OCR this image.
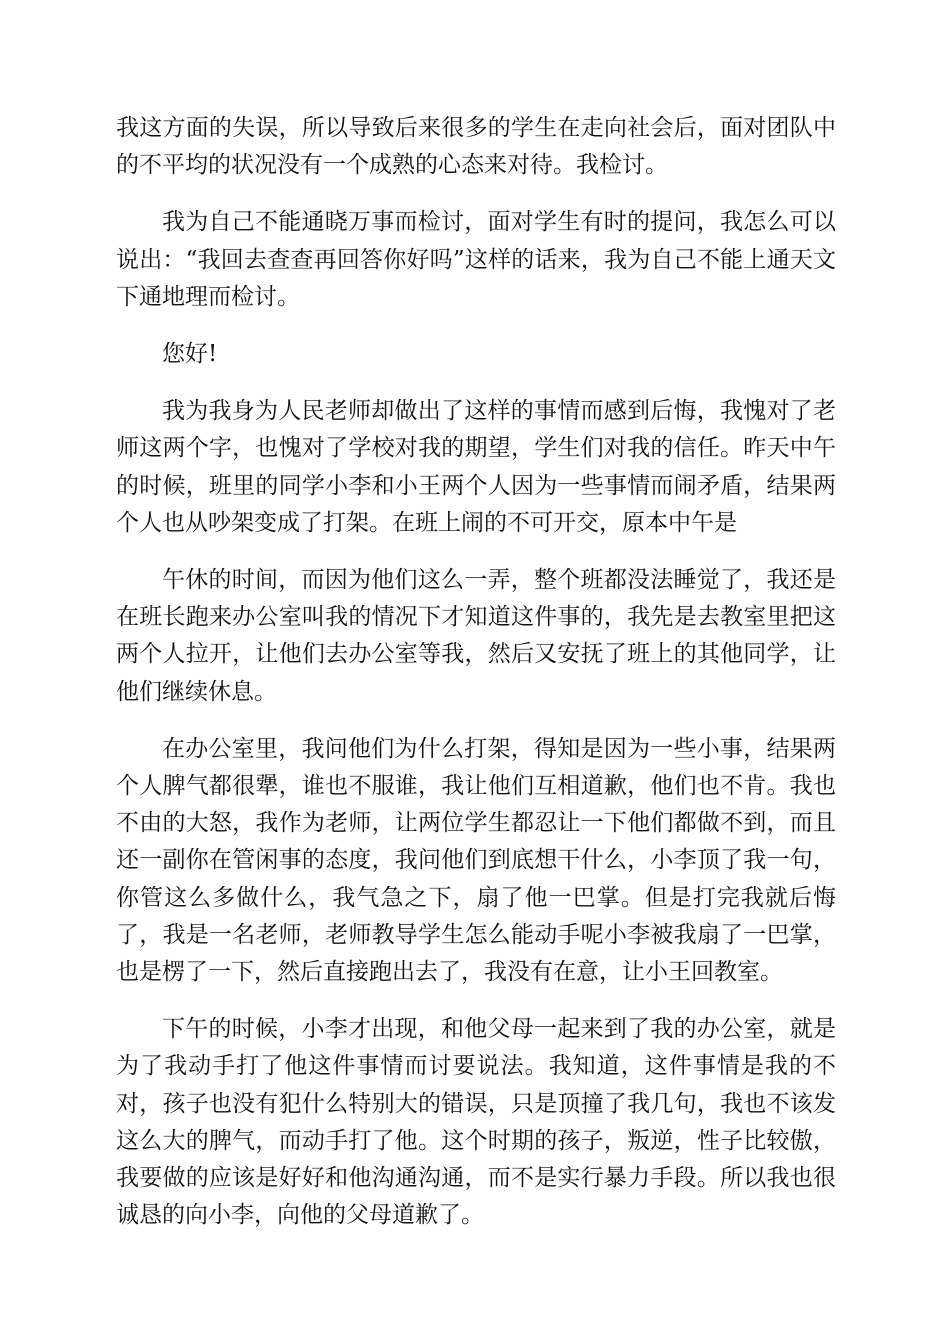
我这方面的失误，所以导致后来很多的学生在走向社会后，面对团队中的不平均的状况没有一个成熟的心态来对待。我检讨。

我为自己不能通晓万事而检讨，面对学生有时的提问，我怎么可以说出：“我回去查查再回答你好吗”这样的话来，我为自己不能上通天文下通地理而检讨。

您好!

我为我身为人民老师却做出了这样的事情而感到后悔，我愧对了老师这两个字，也愧对了学校对我的期望，学生们对我的信任。昨天中午的时候，班里的同学小李和小王两个人因为一些事情而闹矛盾，结果两个人也从吵架变成了打架。在班上闹的不可开交，原本中午是

午休的时间，而因为他们这么一弄，整个班都没法睡觉了，我还是在班长跑来办公室叫我的情况下才知道这件事的，我先是去教室里把这两个人拉开，让他们去办公室等我，然后又安抚了班上的其他同学，让他们继续休息。

在办公室里，我问他们为什么打架，得知是因为一些小事，结果两个人脾气都很犟，谁也不服谁，我让他们互相道歉，他们也不肯。我也不由的大怒，我作为老师，让两位学生都忍让一下他们都做不到，而且还一副你在管闲事的态度，我问他们到底想干什么，小李顶了我一句，你管这么多做什么，我气急之下，扇了他一巴掌。但是打完我就后悔了，我是一名老师，老师教导学生怎么能动手呢小李被我扇了一巴掌，也是楞了一下，然后直接跑出去了，我没有在意，让小王回教室。

下午的时候，小李才出现，和他父母一起来到了我的办公室，就是为了我动手打了他这件事情而讨要说法。我知道，这件事情是我的不对，孩子也没有犯什么特别大的错误，只是顶撞了我几句，我也不该发这么大的脾气，而动手打了他。这个时期的孩子，叛逆，性子比较傲，我要做的应该是好好和他沟通沟通，而不是实行暴力手段。所以我也很诚恳的向小李，向他的父母道歉了。
